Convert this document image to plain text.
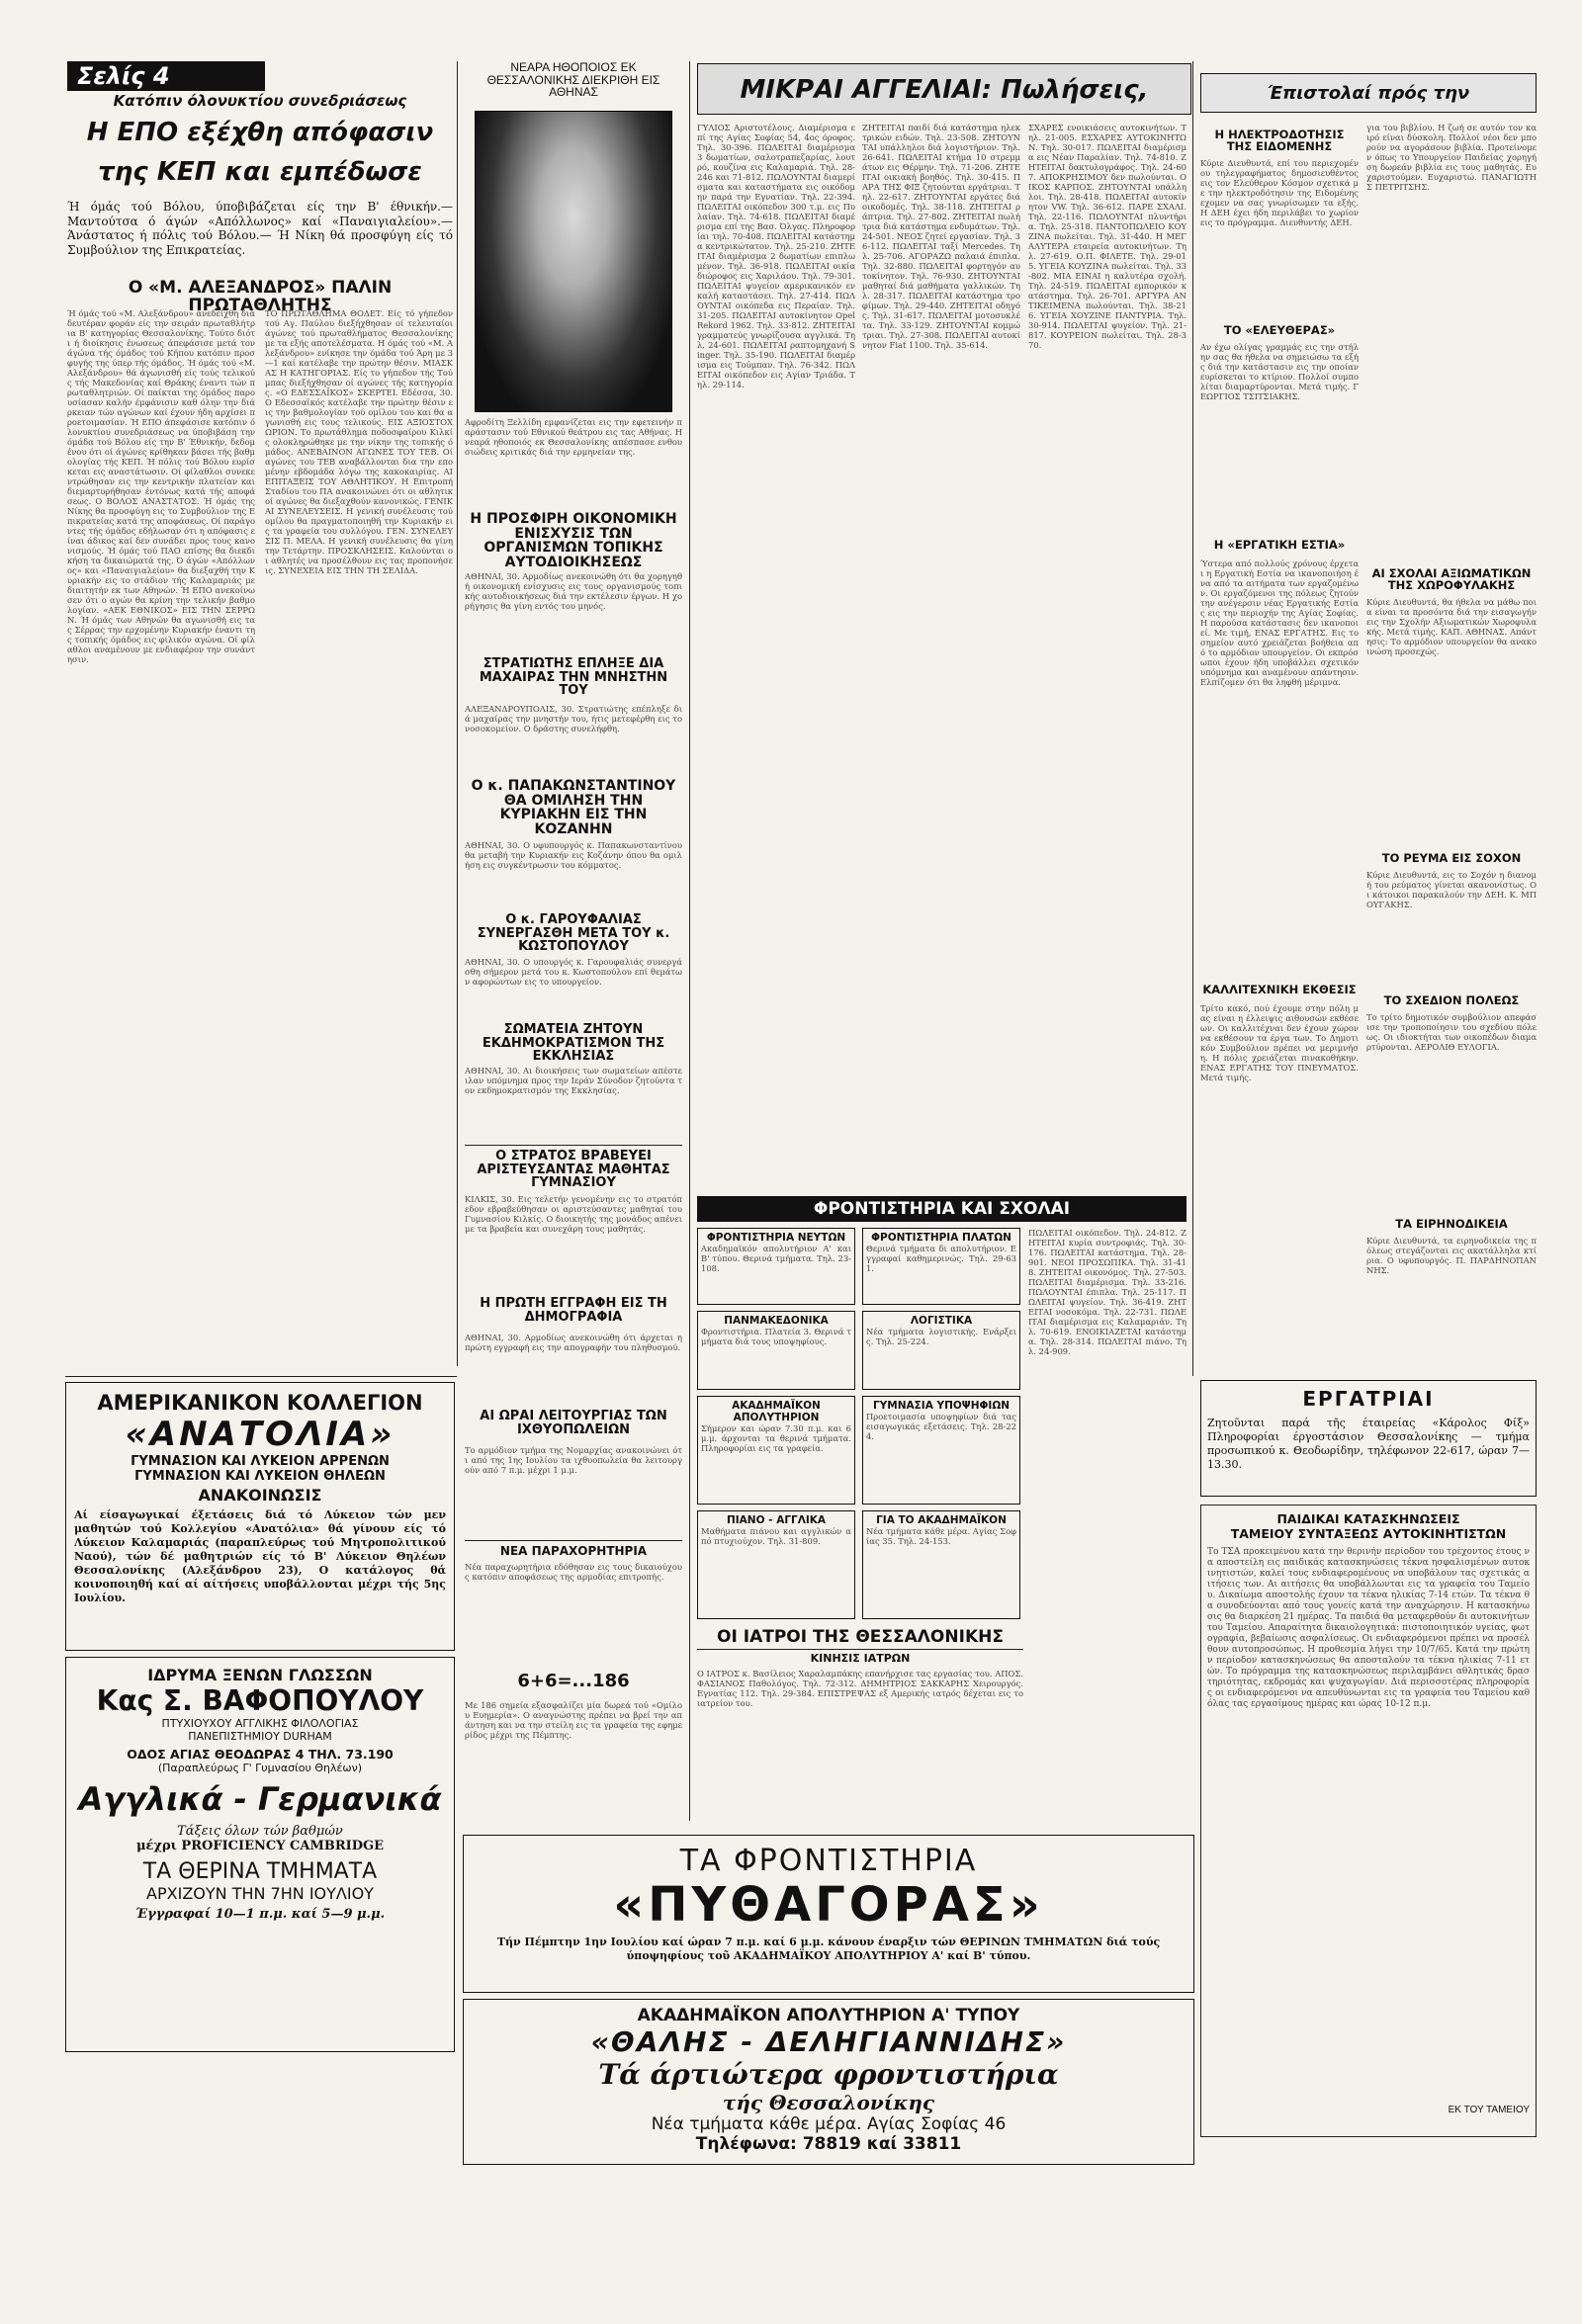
Σελίς 4
Κατόπιν όλονυκτίου συνεδριάσεως
Η ΕΠΟ εξέχθη απόφασιν της ΚΕΠ και εμπέδωσε
Ή όμάς τού Βόλου, ύποβιβάζεται είς την Β' έθνικήν.— Μαντούτσα ό άγών «Απόλλωνος» καί «Παναιγιαλείου».— Άνάστατος ή πόλις τού Βόλου.— Ή Νίκη θά προσφύγη είς τό Συμβούλιον της Επικρατείας.
Ο «Μ. ΑΛΕΞΑΝΔΡΟΣ» ΠΑΛΙΝ ΠΡΩΤΑΘΛΗΤΗΣ
Ή όμάς τού «Μ. Αλεξάνδρου» άνεδείχθη διά δευτέραν φοράν είς την σειράν πρωταθλήτρια Β' κατηγορίας Θεσσαλονίκης. Τούτο διότι ή διοίκησις ένωσεως άπεφάσισε μετά τον άγώνα τής όμάδος τού Κήπου κατόπιν προσφυγής της ύπερ τής όμάδος. Ή όμάς τού «Μ. Αλεξάνδρου» θά άγωνισθή είς τούς τελικούς τής Μακεδονίας καί Θράκης έναντι τών πρωταθλητριών. Οί παίκται της όμάδος παρουσίασαν καλήν έμφάνισιν καθ όλην την διάρκειαν τών αγώνων καί έχουν ήδη αρχίσει προετοιμασίαν. Ή ΕΠΟ άπεφάσισε κατόπιν όλονυκτίου συνεδριάσεως να ύποβιβάση την όμάδα τού Βόλου είς την Β' Έθνικήν, δεδομένου ότι οί άγώνες κρίθηκαν βάσει τής βαθμολογίας τής ΚΕΠ. Ή πόλις τού Βόλου ευρίσκεται εις αναστάτωσιν. Οί φίλαθλοι συνεκεντρώθησαν εις την κεντρικήν πλατείαν και διεμαρτυρήθησαν έντόνως κατά τής αποφάσεως. Ο ΒΟΛΟΣ ΑΝΑΣΤΑΤΟΣ. Ή όμάς της Νίκης θα προσφύγη εις το Συμβούλιον της Επικρατείας κατά της αποφάσεως. Οί παράγοντες τής όμάδος εδήλωσαν ότι η απόφασις είναι άδικος καί δεν συνάδει προς τους κανονισμούς. Ή όμάς τού ΠΑΟ επίσης θα διεκδικήση τα δικαιώματά της. Ό άγών «Απόλλωνος» και «Παναιγιαλείου» θα διεξαχθή την Κυριακήν εις το στάδιον τής Καλαμαριάς με διαιτητήν εκ των Αθηνών. Ή ΕΠΟ ανεκοίνωσεν ότι ο αγών θα κρίνη την τελικήν βαθμολογίαν. «ΑΕΚ ΕΘΝΙΚΟΣ» ΕΙΣ ΤΗΝ ΣΕΡΡΩΝ. Ή όμάς των Αθηνών θα αγωνισθή εις τας Σέρρας την ερχομένην Κυριακήν έναντι της τοπικής όμάδος εις φιλικόν αγώνα. Οί φίλαθλοι αναμένουν με ενδιαφέρον την συνάντησιν.
ΤΟ ΠΡΩΤΑΘΛΗΜΑ ΘΟΔΕΤ. Είς τό γήπεδον τού Αγ. Παύλου διεξήχθησαν οί τελευταίοι άγώνες τού πρωταθλήματος Θεσσαλονίκης με τα εξής αποτελέσματα. Η όμάς τού «Μ. Αλεξάνδρου» ενίκησε την όμάδα τού Άρη με 3—1 καί κατέλαβε την πρώτην θέσιν. ΜΙΑΣΚΑΣ Η ΚΑΤΗΓΟΡΙΑΣ. Είς το γήπεδον τής Τούμπας διεξήχθησαν οί αγώνες τής κατηγορίας. «Ο ΕΔΕΣΣΑΪΚΟΣ» ΣΚΕΡΤΕΙ. Εδέσσα, 30. Ο Εδεσσαϊκός κατέλαβε την πρώτην θέσιν εις την βαθμολογίαν τού ομίλου του και θα αγωνισθή εις τους τελικούς. ΕΙΣ ΑΞΙΟΣΤΟΧΩΡΙΟΝ. Το πρωτάθλημα ποδοσφαίρου Κιλκίς ολοκληρώθηκε με την νίκην της τοπικής όμάδος. ΑΝΕΒΑΙΝΟΝ ΑΓΩΝΕΣ ΤΟΥ ΤΕΒ. Οί αγώνες του ΤΕΒ αναβάλλονται δια την επομένην εβδομάδα λόγω της κακοκαιρίας. ΑΙ ΕΠΙΤΑΞΕΙΣ ΤΟΥ ΑΘΛΗΤΙΚΟΥ. Η Επιτροπή Σταδίου του ΠΑ ανακοινώνει ότι οι αθλητικοί αγώνες θα διεξαχθούν κανονικώς. ΓΕΝΙΚΑΙ ΣΥΝΕΛΕΥΣΕΙΣ. Η γενική συνέλευσις τού ομίλου θα πραγματοποιηθή την Κυριακήν εις τα γραφεία του συλλόγου. ΓΕΝ. ΣΥΝΕΛΕΥΣΙΣ Π. ΜΕΛΑ. Η γενική συνέλευσις θα γίνη την Τετάρτην. ΠΡΟΣΚΛΗΣΕΙΣ. Καλούνται οι αθλητές να προσέλθουν εις τας προπονήσεις. ΣΥΝΕΧΕΙΑ ΕΙΣ ΤΗΝ ΤΗ ΣΕΛΙΔΑ.
ΝΕΑΡΑ ΗΘΟΠΟΙΟΣ ΕΚ ΘΕΣΣΑΛΟΝΙΚΗΣ ΔΙΕΚΡΙΘΗ ΕΙΣ ΑΘΗΝΑΣ
Αφροδίτη Ξελλίδη εμφανίζεται εις την εφετεινήν παράστασιν τού Εθνικού θεάτρου εις τας Αθήνας. Η νεαρά ηθοποιός εκ Θεσσαλονίκης απέσπασε ενθουσιώδεις κριτικάς διά την ερμηνείαν της.
Η ΠΡΟΣΦΙΡΗ ΟΙΚΟΝΟΜΙΚΗ ΕΝΙΣΧΥΣΙΣ ΤΩΝ ΟΡΓΑΝΙΣΜΩΝ ΤΟΠΙΚΗΣ ΑΥΤΟΔΙΟΙΚΗΣΕΩΣ
ΑΘΗΝΑΙ, 30. Αρμοδίως ανεκοινώθη ότι θα χορηγηθή οικονομική ενίσχυσις εις τους οργανισμούς τοπικής αυτοδιοικήσεως διά την εκτέλεσιν έργων. Η χορήγησις θα γίνη εντός του μηνός.
ΣΤΡΑΤΙΩΤΗΣ ΕΠΛΗΞΕ ΔΙΑ ΜΑΧΑΙΡΑΣ ΤΗΝ ΜΝΗΣΤΗΝ ΤΟΥ
ΑΛΕΞΑΝΔΡΟΥΠΟΛΙΣ, 30. Στρατιώτης επέπληξε διά μαχαίρας την μνηστήν του, ήτις μετεφέρθη εις το νοσοκομείον. Ο δράστης συνελήφθη.
Ο κ. ΠΑΠΑΚΩΝΣΤΑΝΤΙΝΟΥ ΘΑ ΟΜΙΛΗΣΗ ΤΗΝ ΚΥΡΙΑΚΗΝ ΕΙΣ ΤΗΝ ΚΟΖΑΝΗΝ
ΑΘΗΝΑΙ, 30. Ο υφυπουργός κ. Παπακωνσταντίνου θα μεταβή την Κυριακήν εις Κοζάνην όπου θα ομιλήση εις συγκέντρωσιν του κόμματος.
Ο κ. ΓΑΡΟΥΦΑΛΙΑΣ ΣΥΝΕΡΓΑΣΘΗ ΜΕΤΑ ΤΟΥ κ. ΚΩΣΤΟΠΟΥΛΟΥ
ΑΘΗΝΑΙ, 30. Ο υπουργός κ. Γαρουφαλιάς συνεργάσθη σήμερον μετά του κ. Κωστοπούλου επί θεμάτων αφορώντων εις το υπουργείον.
ΣΩΜΑΤΕΙΑ ΖΗΤΟΥΝ ΕΚΔΗΜΟΚΡΑΤΙΣΜΟΝ ΤΗΣ ΕΚΚΛΗΣΙΑΣ
ΑΘΗΝΑΙ, 30. Αι διοικήσεις των σωματείων απέστειλαν υπόμνημα προς την Ιεράν Σύνοδον ζητούντα τον εκδημοκρατισμόν της Εκκλησίας.
Ο ΣΤΡΑΤΟΣ ΒΡΑΒΕΥΕΙ ΑΡΙΣΤΕΥΣΑΝΤΑΣ ΜΑΘΗΤΑΣ ΓΥΜΝΑΣΙΟΥ
ΚΙΛΚΙΣ, 30. Εις τελετήν γενομένην εις το στρατόπεδον εβραβεύθησαν οι αριστεύσαντες μαθηταί του Γυμνασίου Κιλκίς. Ο διοικητής της μονάδος απένειμε τα βραβεία και συνεχάρη τους μαθητάς.
Η ΠΡΩΤΗ ΕΓΓΡΑΦΗ ΕΙΣ ΤΗ ΔΗΜΟΓΡΑΦΙΑ
ΑΘΗΝΑΙ, 30. Αρμοδίως ανεκοινώθη ότι άρχεται η πρώτη εγγραφή εις την απογραφήν του πληθυσμού.
ΑΙ ΩΡΑΙ ΛΕΙΤΟΥΡΓΙΑΣ ΤΩΝ ΙΧΘΥΟΠΩΛΕΙΩΝ
Το αρμόδιον τμήμα της Νομαρχίας ανακοινώνει ότι από της 1ης Ιουλίου τα ιχθυοπωλεία θα λειτουργούν από 7 π.μ. μέχρι 1 μ.μ.
ΝΕΑ ΠΑΡΑΧΟΡΗΤΗΡΙΑ
Νέα παραχωρητήρια εδόθησαν εις τους δικαιούχους κατόπιν αποφάσεως της αρμοδίας επιτροπής.
6+6=...186
Με 186 σημεία εξασφαλίζει μία δωρεά τού «Ομίλου Ευημερία». Ο αναγνώστης πρέπει να βρεί την απάντηση και να την στείλη εις τα γραφεία της εφημερίδος μέχρι της Πέμπτης.
ΜΙΚΡΑΙ ΑΓΓΕΛΙΑΙ: Πωλήσεις,
ΓΥΛΙΟΣ Αριστοτέλους. Διαμέρισμα επί της Αγίας Σοφίας 54, 4ος όροφος. Τηλ. 30-396. ΠΩΛΕΙΤΑΙ διαμέρισμα 3 δωματίων, σαλοτραπεζαρίας, λουτρό, κουζίνα εις Καλαμαριά. Τηλ. 28-246 και 71-812. ΠΩΛΟΥΝΤΑΙ διαμερίσματα και καταστήματα εις οικόδομην παρά την Εγνατίαν. Τηλ. 22-394. ΠΩΛΕΙΤΑΙ οικόπεδον 300 τ.μ. εις Πυλαίαν. Τηλ. 74-618. ΠΩΛΕΙΤΑΙ διαμέρισμα επί της Βασ. Όλγας. Πληροφορίαι τηλ. 70-408. ΠΩΛΕΙΤΑΙ κατάστημα κεντρικώτατον. Τηλ. 25-210. ΖΗΤΕΙΤΑΙ διαμέρισμα 2 δωματίων επιπλωμένον. Τηλ. 36-918. ΠΩΛΕΙΤΑΙ οικία διώροφος εις Χαριλάου. Τηλ. 79-301. ΠΩΛΕΙΤΑΙ ψυγείον αμερικανικόν εν καλή καταστάσει. Τηλ. 27-414. ΠΩΛΟΥΝΤΑΙ οικόπεδα εις Περαίαν. Τηλ. 31-205. ΠΩΛΕΙΤΑΙ αυτοκίνητον Opel Rekord 1962. Τηλ. 33-812. ΖΗΤΕΙΤΑΙ γραμματεύς γνωρίζουσα αγγλικά. Τηλ. 24-601. ΠΩΛΕΙΤΑΙ ραπτομηχανή Singer. Τηλ. 35-190. ΠΩΛΕΙΤΑΙ διαμέρισμα εις Τούμπαν. Τηλ. 76-342. ΠΩΛΕΙΤΑΙ οικόπεδον εις Αγίαν Τριάδα. Τηλ. 29-114.
ΖΗΤΕΙΤΑΙ παιδί διά κατάστημα ηλεκτρικών ειδών. Τηλ. 23-508. ΖΗΤΟΥΝΤΑΙ υπάλληλοι διά λογιστήριον. Τηλ. 26-641. ΠΩΛΕΙΤΑΙ κτήμα 10 στρεμμάτων εις Θέρμην. Τηλ. 71-206. ΖΗΤΕΙΤΑΙ οικιακή βοηθός. Τηλ. 30-415. ΠΑΡΑ ΤΗΣ ΦΙΞ ζητούνται εργάτριαι. Τηλ. 22-617. ΖΗΤΟΥΝΤΑΙ εργάτες διά οικοδομές. Τηλ. 38-118. ΖΗΤΕΙΤΑΙ ράπτρια. Τηλ. 27-802. ΖΗΤΕΙΤΑΙ πωλήτρια διά κατάστημα ενδυμάτων. Τηλ. 24-501. ΝΕΟΣ ζητεί εργασίαν. Τηλ. 36-112. ΠΩΛΕΙΤΑΙ ταξί Mercedes. Τηλ. 25-706. ΑΓΟΡΑΖΩ παλαιά έπιπλα. Τηλ. 32-880. ΠΩΛΕΙΤΑΙ φορτηγόν αυτοκίνητον. Τηλ. 76-930. ΖΗΤΟΥΝΤΑΙ μαθηταί διά μαθήματα γαλλικών. Τηλ. 28-317. ΠΩΛΕΙΤΑΙ κατάστημα τροφίμων. Τηλ. 29-440. ΖΗΤΕΙΤΑΙ οδηγός. Τηλ. 31-617. ΠΩΛΕΙΤΑΙ μοτοσυκλέτα. Τηλ. 33-129. ΖΗΤΟΥΝΤΑΙ κομμώτριαι. Τηλ. 27-308. ΠΩΛΕΙΤΑΙ αυτοκίνητον Fiat 1100. Τηλ. 35-614.
ΣΧΑΡΕΣ ενοικιάσεις αυτοκινήτων. Τηλ. 21-005. ΕΣΧΑΡΕΣ ΑΥΤΟΚΙΝΗΤΩΝ. Τηλ. 30-017. ΠΩΛΕΙΤΑΙ διαμέρισμα εις Νέαν Παραλίαν. Τηλ. 74-810. ΖΗΤΕΙΤΑΙ δακτυλογράφος. Τηλ. 24-607. ΑΠΟΚΡΗΣΙΜΟΥ δεν πωλούνται. ΟΙΚΟΣ ΚΑΡΠΟΣ. ΖΗΤΟΥΝΤΑΙ υπάλληλοι. Τηλ. 28-418. ΠΩΛΕΙΤΑΙ αυτοκίνητον VW. Τηλ. 36-612. ΠΑΡΕ ΣΧΑΛΙ. Τηλ. 22-116. ΠΩΛΟΥΝΤΑΙ πλυντήρια. Τηλ. 25-318. ΠΑΝΤΟΠΩΛΕΙΟ ΚΟΥΖΙΝΑ πωλείται. Τηλ. 31-440. Η ΜΕΓΑΛΥΤΕΡΑ εταιρεία αυτοκινήτων. Τηλ. 27-619. Ο.Π. ΦΙΛΕΤΕ. Τηλ. 29-015. ΥΓΕΙΑ ΚΟΥΖΙΝΑ πωλείται. Τηλ. 33-802. ΜΙΑ ΕΙΝΑΙ η καλυτέρα σχολή. Τηλ. 24-519. ΠΩΛΕΙΤΑΙ εμπορικόν κατάστημα. Τηλ. 26-701. ΑΡΓΥΡΑ ΑΝΤΙΚΕΙΜΕΝΑ πωλούνται. Τηλ. 38-216. ΥΓΕΙΑ ΧΟΥΖΙΝΕ ΠΑΝΤΥΡΙΑ. Τηλ. 30-914. ΠΩΛΕΙΤΑΙ ψυγείον. Τηλ. 21-817. ΚΟΥΡΕΙΟΝ πωλείται. Τηλ. 28-370.
ΦΡΟΝΤΙΣΤΗΡΙΑ ΚΑΙ ΣΧΟΛΑΙ
ΦΡΟΝΤΙΣΤΗΡΙΑ ΝΕΥΤΩΝ
Ακαδημαϊκόν απολυτήριον Α' και Β' τύπου. Θερινά τμήματα. Τηλ. 23-108.
ΦΡΟΝΤΙΣΤΗΡΙΑ ΠΛΑΤΩΝ
Θερινά τμήματα δι απολυτήριον. Εγγραφαί καθημερινώς. Τηλ. 29-631.
ΠΩΛΕΙΤΑΙ οικόπεδον. Τηλ. 24-812. ΖΗΤΕΙΤΑΙ κυρία συντροφιάς. Τηλ. 30-176. ΠΩΛΕΙΤΑΙ κατάστημα. Τηλ. 28-901. ΝΕΟΙ ΠΡΟΣΩΠΙΚΑ. Τηλ. 31-418. ΖΗΤΕΙΤΑΙ οικονόμος. Τηλ. 27-503. ΠΩΛΕΙΤΑΙ διαμέρισμα. Τηλ. 33-216. ΠΩΛΟΥΝΤΑΙ έπιπλα. Τηλ. 25-117. ΠΩΛΕΙΤΑΙ ψυγείον. Τηλ. 36-419. ΖΗΤΕΙΤΑΙ νοσοκόμα. Τηλ. 22-731. ΠΩΛΕΙΤΑΙ διαμέρισμα εις Καλαμαριάν. Τηλ. 70-619. ΕΝΟΙΚΙΑΖΕΤΑΙ κατάστημα. Τηλ. 28-314. ΠΩΛΕΙΤΑΙ πιάνο. Τηλ. 24-909.
ΠΑΝΜΑΚΕΔΟΝΙΚΑ
Φροντιστήρια. Πλατεία 3. Θερινά τμήματα διά τους υποψηφίους.
ΛΟΓΙΣΤΙΚΑ
Νέα τμήματα λογιστικής. Ενάρξεις. Τηλ. 25-224.
ΑΚΑΔΗΜΑΪΚΟΝ ΑΠΟΛΥΤΗΡΙΟΝ
Σήμερον και ώραν 7.30 π.μ. και 6 μ.μ. άρχονται τα θερινά τμήματα. Πληροφορίαι εις τα γραφεία.
ΓΥΜΝΑΣΙΑ ΥΠΟΨΗΦΙΩΝ
Προετοιμασία υποψηφίων διά τας εισαγωγικάς εξετάσεις. Τηλ. 28-224.
ΠΙΑΝΟ - ΑΓΓΛΙΚΑ
Μαθήματα πιάνου και αγγλικών από πτυχιούχον. Τηλ. 31-809.
ΓΙΑ ΤΟ ΑΚΑΔΗΜΑΪΚΟΝ
Νέα τμήματα κάθε μέρα. Αγίας Σοφίας 35. Τηλ. 24-153.
ΟΙ ΙΑΤΡΟΙ ΤΗΣ ΘΕΣΣΑΛΟΝΙΚΗΣ
ΚΙΝΗΣΙΣ ΙΑΤΡΩΝ
Ο ΙΑΤΡΟΣ κ. Βασίλειος Χαραλαμπάκης επανήρχισε τας εργασίας του. ΑΠΟΣ. ΦΑΣΙΑΝΟΣ Παθολόγος. Τηλ. 72-312. ΔΗΜΗΤΡΙΟΣ ΣΑΚΚΑΡΗΣ Χειρουργός. Εγνατίας 112. Τηλ. 29-384. ΕΠΙΣΤΡΕΨΑΣ εξ Αμερικής ιατρός δέχεται εις το ιατρείον του.
Έπιστολαί πρός την
Η ΗΛΕΚΤΡΟΔΟΤΗΣΙΣ ΤΗΣ ΕΙΔΟΜΕΝΗΣ
Κύριε Διευθυντά, επί του περιεχομένου τηλεγραφήματος δημοσιευθέντος εις τον Ελεύθερον Κόσμον σχετικά με την ηλεκτροδότησιν της Ειδομένης εχομεν να σας γνωρίσωμεν τα εξής. Η ΔΕΗ έχει ήδη περιλάβει το χωρίον εις το πρόγραμμα. Διευθυντής ΔΕΗ.
ΤΟ «ΕΛΕΥΘΕΡΑΣ»
Αν έχω ολίγας γραμμάς εις την στήλην σας θα ήθελα να σημειώσω τα εξής διά την κατάστασιν εις την οποίαν ευρίσκεται το κτίριον. Πολλοί συμπολίται διαμαρτύρονται. Μετά τιμής. ΓΕΩΡΓΙΟΣ ΤΣΙΤΣΙΑΚΗΣ.
Η «ΕΡΓΑΤΙΚΗ ΕΣΤΙΑ»
Ύστερα από πολλούς χρόνους έρχεται η Εργατική Εστία να ικανοποιήση ένα από τα αιτήματα των εργαζομένων. Οι εργαζόμενοι της πόλεως ζητούν την ανέγερσιν νέας Εργατικής Εστίας εις την περιοχήν της Αγίας Σοφίας. Η παρούσα κατάστασις δεν ικανοποιεί. Με τιμή, ΕΝΑΣ ΕΡΓΑΤΗΣ. Εις το σημείον αυτό χρειάζεται βοήθεια από το αρμόδιον υπουργείον. Οι εκπρόσωποι έχουν ήδη υποβάλλει σχετικόν υπόμνημα και αναμένουν απάντησιν. Ελπίζομεν ότι θα ληφθή μέριμνα.
ΚΑΛΛΙΤΕΧΝΙΚΗ ΕΚΘΕΣΙΣ
Τρίτο κακό, πού έχουμε στην πόλη μας είναι η έλλειψις αιθουσών εκθέσεων. Οι καλλιτέχναι δεν έχουν χώρον να εκθέσουν τα έργα των. Το Δημοτικόν Συμβούλιον πρέπει να μεριμνήση. Η πόλις χρειάζεται πινακοθήκην. ΕΝΑΣ ΕΡΓΑΤΗΣ ΤΟΥ ΠΝΕΥΜΑΤΟΣ. Μετά τιμής.
για του βιβλίου. Η ζωή σε αυτόν τον καιρό είναι δύσκολη. Πολλοί νέοι δεν μπορούν να αγοράσουν βιβλία. Προτείνομεν όπως το Υπουργείον Παιδείας χορηγήση δωρεάν βιβλία εις τους μαθητάς. Ευχαριστούμεν. Ευχαριστώ. ΠΑΝΑΓΙΩΤΗΣ ΠΕΤΡΙΤΣΗΣ.
ΑΙ ΣΧΟΛΑΙ ΑΞΙΩΜΑΤΙΚΩΝ ΤΗΣ ΧΩΡΟΦΥΛΑΚΗΣ
Κύριε Διευθυντά, θα ήθελα να μάθω ποια είναι τα προσόντα διά την εισαγωγήν εις την Σχολήν Αξιωματικών Χωροφυλακής. Μετά τιμής. ΚΑΠ. ΑΘΗΝΑΣ. Απάντησις: Το αρμόδιον υπουργείον θα ανακοινώση προσεχώς.
ΤΟ ΡΕΥΜΑ ΕΙΣ ΣΟΧΟΝ
Κύριε Διευθυντά, εις το Σοχόν η διανομή του ρεύματος γίνεται ακανονίστως. Οι κάτοικοι παρακαλούν την ΔΕΗ. Κ. ΜΠΟΥΓΑΚΗΣ.
ΤΟ ΣΧΕΔΙΟΝ ΠΟΛΕΩΣ
Το τρίτο δημοτικόν συμβούλιον απεφάσισε την τροποποίησιν του σχεδίου πόλεως. Οι ιδιοκτήται των οικοπέδων διαμαρτύρονται. ΑΕΡΟΛΙΘ ΕΥΛΟΓΙΑ.
ΤΑ ΕΙΡΗΝΟΔΙΚΕΙΑ
Κύριε Διευθυντά, τα ειρηνοδικεία της πόλεως στεγάζονται εις ακατάλληλα κτίρια. Ο υφυπουργός. Π. ΠΑΡΔΗΝΟΠΑΝΝΗΣ.
ΕΡΓΑΤΡΙΑΙ
Ζητοῦνται παρά τῆς έταιρείας «Κάρολος Φίξ» Πληροφορίαι έργοστάσιον Θεσσαλονίκης — τμήμα προσωπικού κ. Θεοδωρίδην, τηλέφωνον 22-617, ώραν 7—13.30.
ΠΑΙΔΙΚΑΙ ΚΑΤΑΣΚΗΝΩΣΕΙΣ
ΤΑΜΕΙΟΥ ΣΥΝΤΑΞΕΩΣ ΑΥΤΟΚΙΝΗΤΙΣΤΩΝ
Το ΤΣΑ προκειμένου κατά την θερινήν περίοδον του τρέχοντος έτους να αποστείλη εις παιδικάς κατασκηνώσεις τέκνα ησφαλισμένων αυτοκινητιστών, καλεί τους ενδιαφερομένους να υποβάλουν τας σχετικάς αιτήσεις των. Αι αιτήσεις θα υποβάλλωνται εις τα γραφεία του Ταμείου. Δικαίωμα αποστολής έχουν τα τέκνα ηλικίας 7-14 ετών. Τα τέκνα θα συνοδεύονται από τους γονείς κατά την αναχώρησιν. Η κατασκήνωσις θα διαρκέση 21 ημέρας. Τα παιδιά θα μεταφερθούν δι αυτοκινήτων του Ταμείου. Απαραίτητα δικαιολογητικά: πιστοποιητικόν υγείας, φωτογραφία, βεβαίωσις ασφαλίσεως. Οι ενδιαφερόμενοι πρέπει να προσέλθουν αυτοπροσώπως. Η προθεσμία λήγει την 10/7/65. Κατά την πρώτην περίοδον κατασκηνώσεως θα αποσταλούν τα τέκνα ηλικίας 7-11 ετών. Το πρόγραμμα της κατασκηνώσεως περιλαμβάνει αθλητικάς δραστηριότητας, εκδρομάς και ψυχαγωγίαν. Διά περισσοτέρας πληροφορίας οι ενδιαφερόμενοι να απευθύνωνται εις τα γραφεία του Ταμείου καθ όλας τας εργασίμους ημέρας και ώρας 10-12 π.μ.
ΕΚ ΤΟΥ ΤΑΜΕΙΟΥ
ΑΜΕΡΙΚΑΝΙΚΟΝ ΚΟΛΛΕΓΙΟΝ
«ΑΝΑΤΟΛΙΑ»
ΓΥΜΝΑΣΙΟΝ ΚΑΙ ΛΥΚΕΙΟΝ ΑΡΡΕΝΩΝ
ΓΥΜΝΑΣΙΟΝ ΚΑΙ ΛΥΚΕΙΟΝ ΘΗΛΕΩΝ
ΑΝΑΚΟΙΝΩΣΙΣ
Αί είσαγωγικαί έξετάσεις διά τό Λύκειον τών μεν μαθητών τού Κολλεγίου «Ανατόλια» θά γίνουν είς τό Λύκειον Καλαμαριάς (παραπλεύρως τού Μητροπολιτικού Ναού), τών δέ μαθητριών είς τό Β' Λύκειον Θηλέων Θεσσαλονίκης (Αλεξάνδρου 23), Ο κατάλογος θά κοινοποιηθή καί αί αίτήσεις υποβάλλονται μέχρι τής 5ης Ιουλίου.
ΙΔΡΥΜΑ ΞΕΝΩΝ ΓΛΩΣΣΩΝ
Κας Σ. ΒΑΦΟΠΟΥΛΟΥ
ΠΤΥΧΙΟΥΧΟΥ ΑΓΓΛΙΚΗΣ ΦΙΛΟΛΟΓΙΑΣ
ΠΑΝΕΠΙΣΤΗΜΙΟΥ DURHAM
ΟΔΟΣ ΑΓΙΑΣ ΘΕΟΔΩΡΑΣ 4 ΤΗΛ. 73.190
(Παραπλεύρως Γ' Γυμνασίου Θηλέων)
Αγγλικά - Γερμανικά
Τάξεις όλων τών βαθμών
μέχρι PROFICIENCY CAMBRIDGE
ΤΑ ΘΕΡΙΝΑ ΤΜΗΜΑΤΑ
ΑΡΧΙΖΟΥΝ ΤΗΝ 7ΗΝ ΙΟΥΛΙΟΥ
Έγγραφαί 10—1 π.μ. καί 5—9 μ.μ.
ΤΑ ΦΡΟΝΤΙΣΤΗΡΙΑ
«ΠΥΘΑΓΟΡΑΣ»
Τήν Πέμπτην 1ην Ιουλίου καί ώραν 7 π.μ. καί 6 μ.μ. κάνουν έναρξιν τών ΘΕΡΙΝΩΝ ΤΜΗΜΑΤΩΝ διά τούς ύποψηφίους τοῦ ΑΚΑΔΗΜΑΪΚΟΥ ΑΠΟΛΥΤΗΡΙΟΥ Α' καί Β' τύπου.
ΑΚΑΔΗΜΑΪΚΟΝ ΑΠΟΛΥΤΗΡΙΟΝ Α' ΤΥΠΟΥ
«ΘΑΛΗΣ - ΔΕΛΗΓΙΑΝΝΙΔΗΣ»
Τά άρτιώτερα φροντιστήρια
τής Θεσσαλονίκης
Νέα τμήματα κάθε μέρα. Αγίας Σοφίας 46
Τηλέφωνα: 78819 καί 33811
